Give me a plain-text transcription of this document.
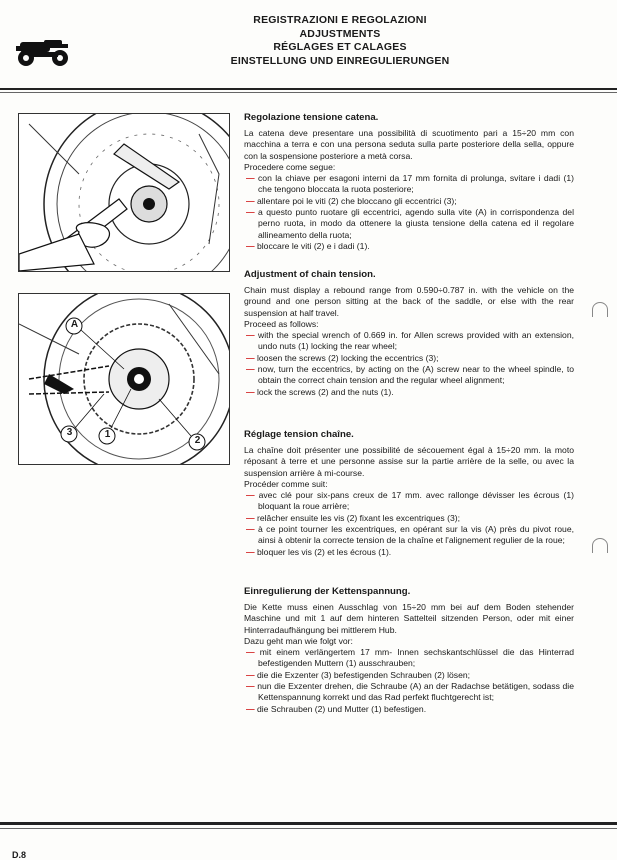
REGISTRAZIONI E REGOLAZIONI
ADJUSTMENTS
RÉGLAGES ET CALAGES
EINSTELLUNG UND EINREGULIERUNGEN
A
3	1
2
Regolazione tensione catena.

La catena deve presentare una possibilità di scuotimento pari a 15÷20 mm con macchina a terra e con una persona seduta sulla parte posteriore della sella, oppure con la sospensione posteriore a metà corsa.

Procedere come segue:

— con la chiave per esagoni interni da 17 mm fornita di prolunga, svitare i dadi (1) che tengono bloccata la ruota posteriore;

— allentare poi le viti (2) che bloccano gli eccentrici (3);

— a questo punto ruotare gli eccentrici, agendo sulla vite (A) in corrispondenza del perno ruota, in modo da ottenere la giusta tensione della catena ed il regolare allineamento della ruota;

— bloccare le viti (2) e i dadi (1).

Adjustment of chain tension.

Chain must display a rebound range from 0.590÷0.787 in. with the vehicle on the ground and one person sitting at the back of the saddle, or else with the rear suspension at half travel.

Proceed as follows:

— with the special wrench of 0.669 in. for Allen screws provided with an extension, undo nuts (1) locking the rear wheel;

— loosen the screws (2) locking the eccentrics (3);

— now, turn the eccentrics, by acting on the (A) screw near to the wheel spindle, to obtain the correct chain tension and the regular wheel alignment;

— lock the screws (2) and the nuts (1).

Réglage tension chaîne.

La chaîne doit présenter une possibilité de sécouement égal à 15÷20 mm. la moto réposant à terre et une personne assise sur la partie arrière de la selle, ou avec la suspension arrière à mi-course.

Procéder comme suit:

— avec clé pour six-pans creux de 17 mm. avec rallonge dévisser les écrous (1) bloquant la roue arrière;

— relâcher ensuite les vis (2) fixant les excentriques (3);

— à ce point tourner les excentriques, en opérant sur la vis (A) près du pivot roue, ainsi à obtenir la correcte tension de la chaîne et l'alignement regulier de la roue;

— bloquer les vis (2) et les écrous (1).

Einregulierung der Kettenspannung.

Die Kette muss einen Ausschlag von 15÷20 mm bei auf dem Boden stehender Maschine und mit 1 auf dem hinteren Sattelteil sitzenden Person, oder mit einer Hinterradaufhängung bei mittlerem Hub.

Dazu geht man wie folgt vor:

— mit einem verlängertem 17 mm- Innen sechskantschlüssel die das Hinterrad befestigenden Muttern (1) ausschrauben;

— die die Exzenter (3) befestigenden Schrauben (2) lösen;

— nun die Exzenter drehen, die Schraube (A) an der Radachse betätigen, sodass die Kettenspannung korrekt und das Rad perfekt fluchtgerecht ist;

— die Schrauben (2) und Mutter (1) befestigen.

D.8
